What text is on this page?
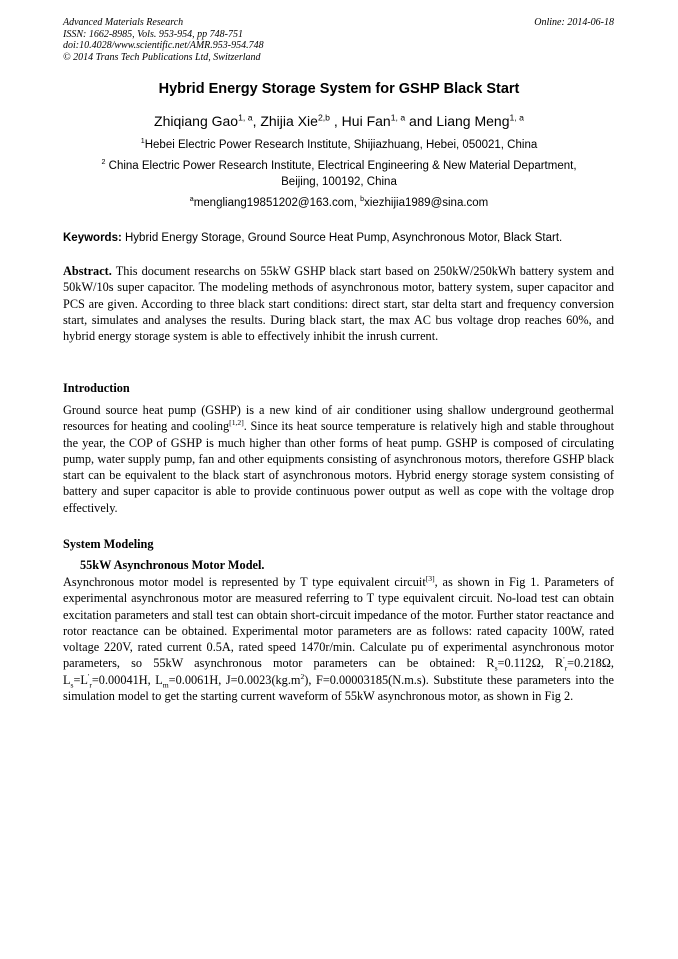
Advanced Materials Research	Online: 2014-06-18
ISSN: 1662-8985, Vols. 953-954, pp 748-751
doi:10.4028/www.scientific.net/AMR.953-954.748
© 2014 Trans Tech Publications Ltd, Switzerland
Hybrid Energy Storage System for GSHP Black Start
Zhiqiang Gao$^{1, a}$, Zhijia Xie$^{2,b}$ , Hui Fan$^{1, a}$ and Liang Meng$^{1, a}$
$^1$Hebei Electric Power Research Institute, Shijiazhuang, Hebei, 050021, China
$^2$ China Electric Power Research Institute, Electrical Engineering & New Material Department,
Beijing, 100192, China
$^a$mengliang19851202@163.com, $^b$xiezhijia1989@sina.com
Keywords: Hybrid Energy Storage, Ground Source Heat Pump, Asynchronous Motor, Black Start.
Abstract. This document researchs on 55kW GSHP black start based on 250kW/250kWh battery system and 50kW/10s super capacitor. The modeling methods of asynchronous motor, battery system, super capacitor and PCS are given. According to three black start conditions: direct start, star delta start and frequency conversion start, simulates and analyses the results. During black start, the max AC bus voltage drop reaches 60%, and hybrid energy storage system is able to effectively inhibit the inrush current.
Introduction
Ground source heat pump (GSHP) is a new kind of air conditioner using shallow underground geothermal resources for heating and cooling[1,2]. Since its heat source temperature is relatively high and stable throughout the year, the COP of GSHP is much higher than other forms of heat pump. GSHP is composed of circulating pump, water supply pump, fan and other equipments consisting of asynchronous motors, therefore GSHP black start can be equivalent to the black start of asynchronous motors. Hybrid energy storage system consisting of battery and super capacitor is able to provide continuous power output as well as cope with the voltage drop effectively.
System Modeling
55kW Asynchronous Motor Model.
Asynchronous motor model is represented by T type equivalent circuit[3], as shown in Fig 1. Parameters of experimental asynchronous motor are measured referring to T type equivalent circuit. No-load test can obtain excitation parameters and stall test can obtain short-circuit impedance of the motor. Further stator reactance and rotor reactance can be obtained. Experimental motor parameters are as follows: rated capacity 100W, rated voltage 220V, rated current 0.5A, rated speed 1470r/min. Calculate pu of experimental asynchronous motor parameters, so 55kW asynchronous motor parameters can be obtained: $R_s=0.112\Omega$, $R'_r=0.218\Omega$, $L_s=L'_r=0.00041H$, $L_m=0.0061H$, $J=0.0023(kg.m^2)$, F=0.00003185(N.m.s). Substitute these parameters into the simulation model to get the starting current waveform of 55kW asynchronous motor, as shown in Fig 2.
